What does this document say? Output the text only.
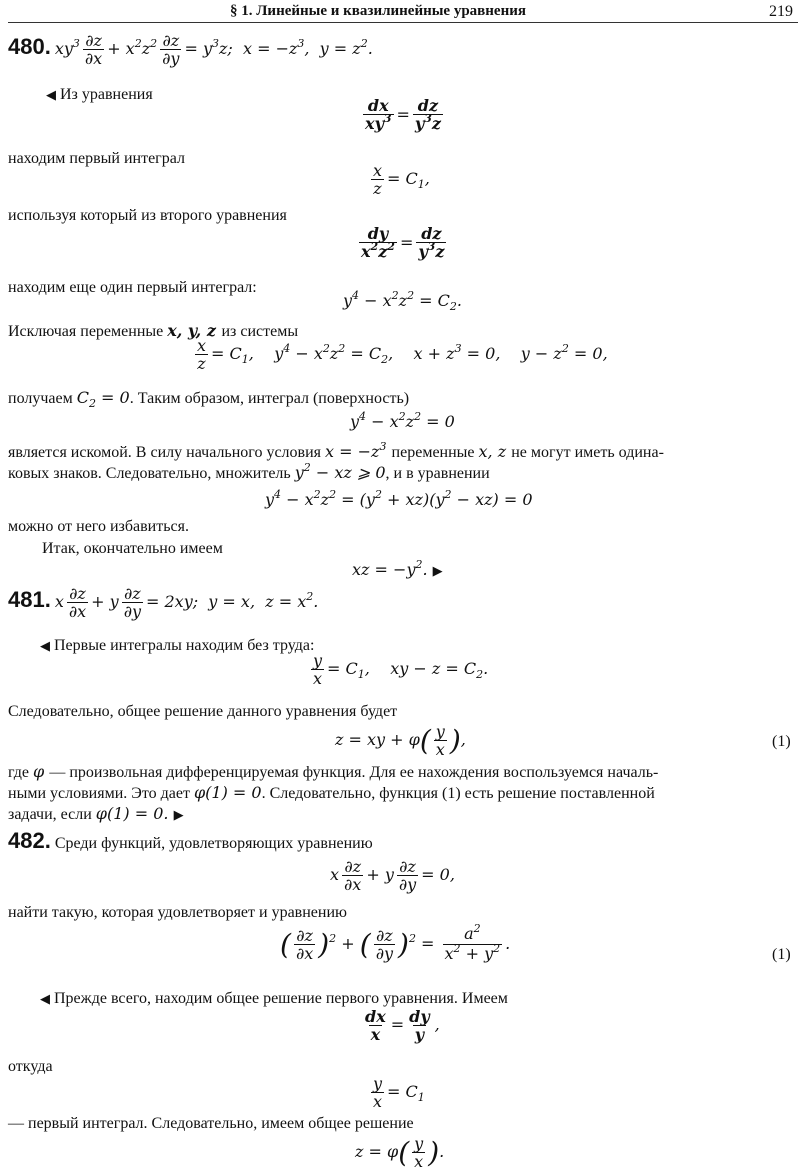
§ 1. Линейные и квазилинейные уравнения	219
480. $xy^3 \frac{\partial z}{\partial x} + x^2z^2 \frac{\partial z}{\partial y} = y^3z$;  $x = -z^3$,  $y = z^2$.
◀ Из уравнения
$\frac{dx}{xy^3} = \frac{dz}{y^3z}$
находим первый интеграл
$\frac{x}{z} = C_1$,
используя который из второго уравнения
$\frac{dy}{x^2z^2} = \frac{dz}{y^3z}$
находим еще один первый интеграл:
$y^4 - x^2z^2 = C_2$.
Исключая переменные x, y, z из системы
$\frac{x}{z} = C_1$,    $y^4 - x^2z^2 = C_2$,    $x + z^3 = 0$,    $y - z^2 = 0$,
получаем $C_2 = 0$. Таким образом, интеграл (поверхность)
$y^4 - x^2z^2 = 0$
является искомой. В силу начального условия $x = -z^3$ переменные x, z не могут иметь одина-
ковых знаков. Следовательно, множитель $y^2$ − xz ⩾ 0, и в уравнении
$y^4 - x^2z^2 = (y^2 + xz)(y^2 - xz) = 0$
можно от него избавиться.
Итак, окончательно имеем
xz = $-y^2$. ▶
481. x $\frac{\partial z}{\partial x} + y \frac{\partial z}{\partial y} = 2xy$;  y = x,  $z = x^2$.
◀ Первые интегралы находим без труда:
$\frac{y}{x} = C_1$,    xy − $z = C_2$.
Следовательно, общее решение данного уравнения будет
z = xy + $\varphi( \frac{y}{x}$ ),	(1)
где φ — произвольная дифференцируемая функция. Для ее нахождения воспользуемся началь-
ными условиями. Это дает φ(1) = 0. Следовательно, функция (1) есть решение поставленной
задачи, если φ(1) = 0. ▶
482. Среди функций, удовлетворяющих уравнению
x $\frac{\partial z}{\partial x} + y \frac{\partial z}{\partial y} = 0$,
найти такую, которая удовлетворяет и уравнению
( $\frac{\partial z}{\partial x} )^2$ + ( $\frac{\partial z}{\partial y} )^2 = \frac{a^2}{x^2 + y^2}$ .
(1)
◀ Прежде всего, находим общее решение первого уравнения. Имеем
$\frac{dx}{x} = \frac{dy}{y}$ ,
откуда
$\frac{y}{x} = C_1$
— первый интеграл. Следовательно, имеем общее решение
$z = \varphi( \frac{y}{x}$ ).
